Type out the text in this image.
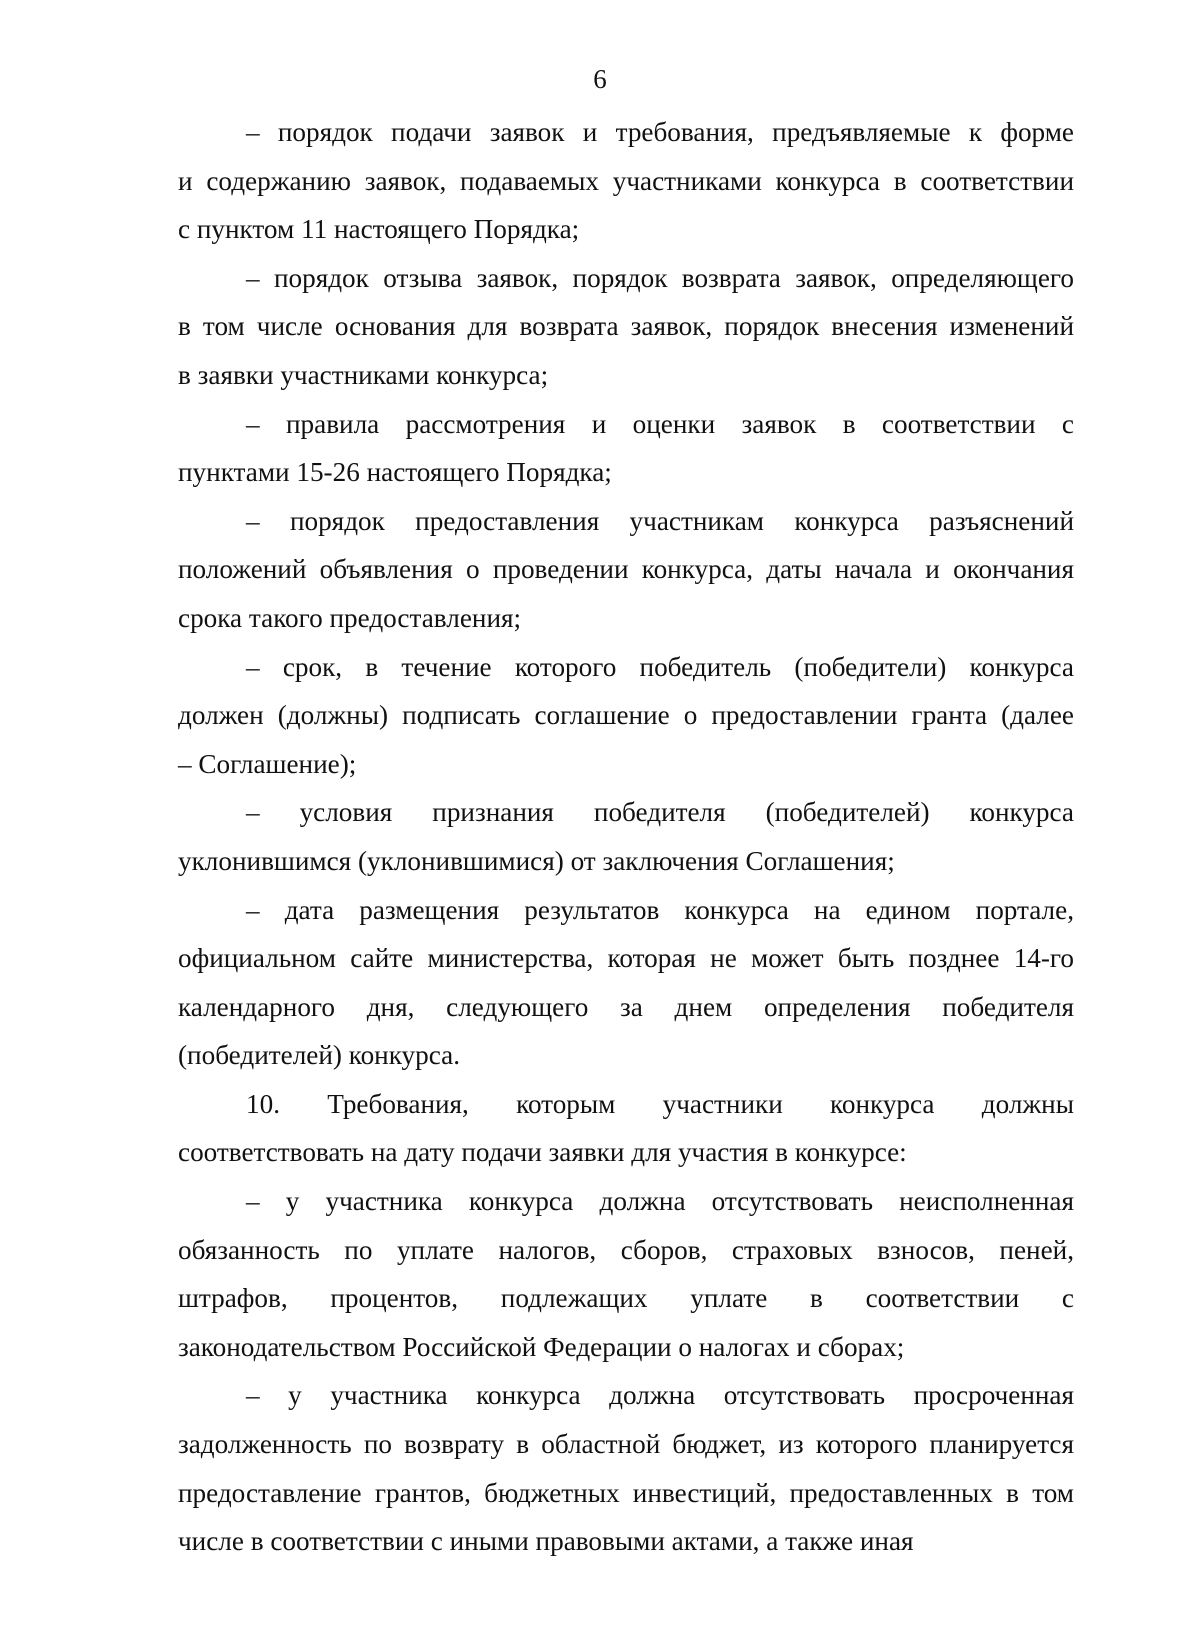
6
– порядок подачи заявок и требования, предъявляемые к форме
и содержанию заявок, подаваемых участниками конкурса в соответствии
с пунктом 11 настоящего Порядка;
– порядок отзыва заявок, порядок возврата заявок, определяющего
в том числе основания для возврата заявок, порядок внесения изменений
в заявки участниками конкурса;
– правила рассмотрения и оценки заявок в соответствии с
пунктами 15-26 настоящего Порядка;
– порядок предоставления участникам конкурса разъяснений
положений объявления о проведении конкурса, даты начала и окончания
срока такого предоставления;
– срок, в течение которого победитель (победители) конкурса
должен (должны) подписать соглашение о предоставлении гранта (далее
– Соглашение);
– условия признания победителя (победителей) конкурса
уклонившимся (уклонившимися) от заключения Соглашения;
– дата размещения результатов конкурса на едином портале,
официальном сайте министерства, которая не может быть позднее 14-го
календарного дня, следующего за днем определения победителя
(победителей) конкурса.
10. Требования, которым участники конкурса должны
соответствовать на дату подачи заявки для участия в конкурсе:
– у участника конкурса должна отсутствовать неисполненная
обязанность по уплате налогов, сборов, страховых взносов, пеней,
штрафов, процентов, подлежащих уплате в соответствии с
законодательством Российской Федерации о налогах и сборах;
– у участника конкурса должна отсутствовать просроченная
задолженность по возврату в областной бюджет, из которого планируется
предоставление грантов, бюджетных инвестиций, предоставленных в том
числе в соответствии с иными правовыми актами, а также иная
